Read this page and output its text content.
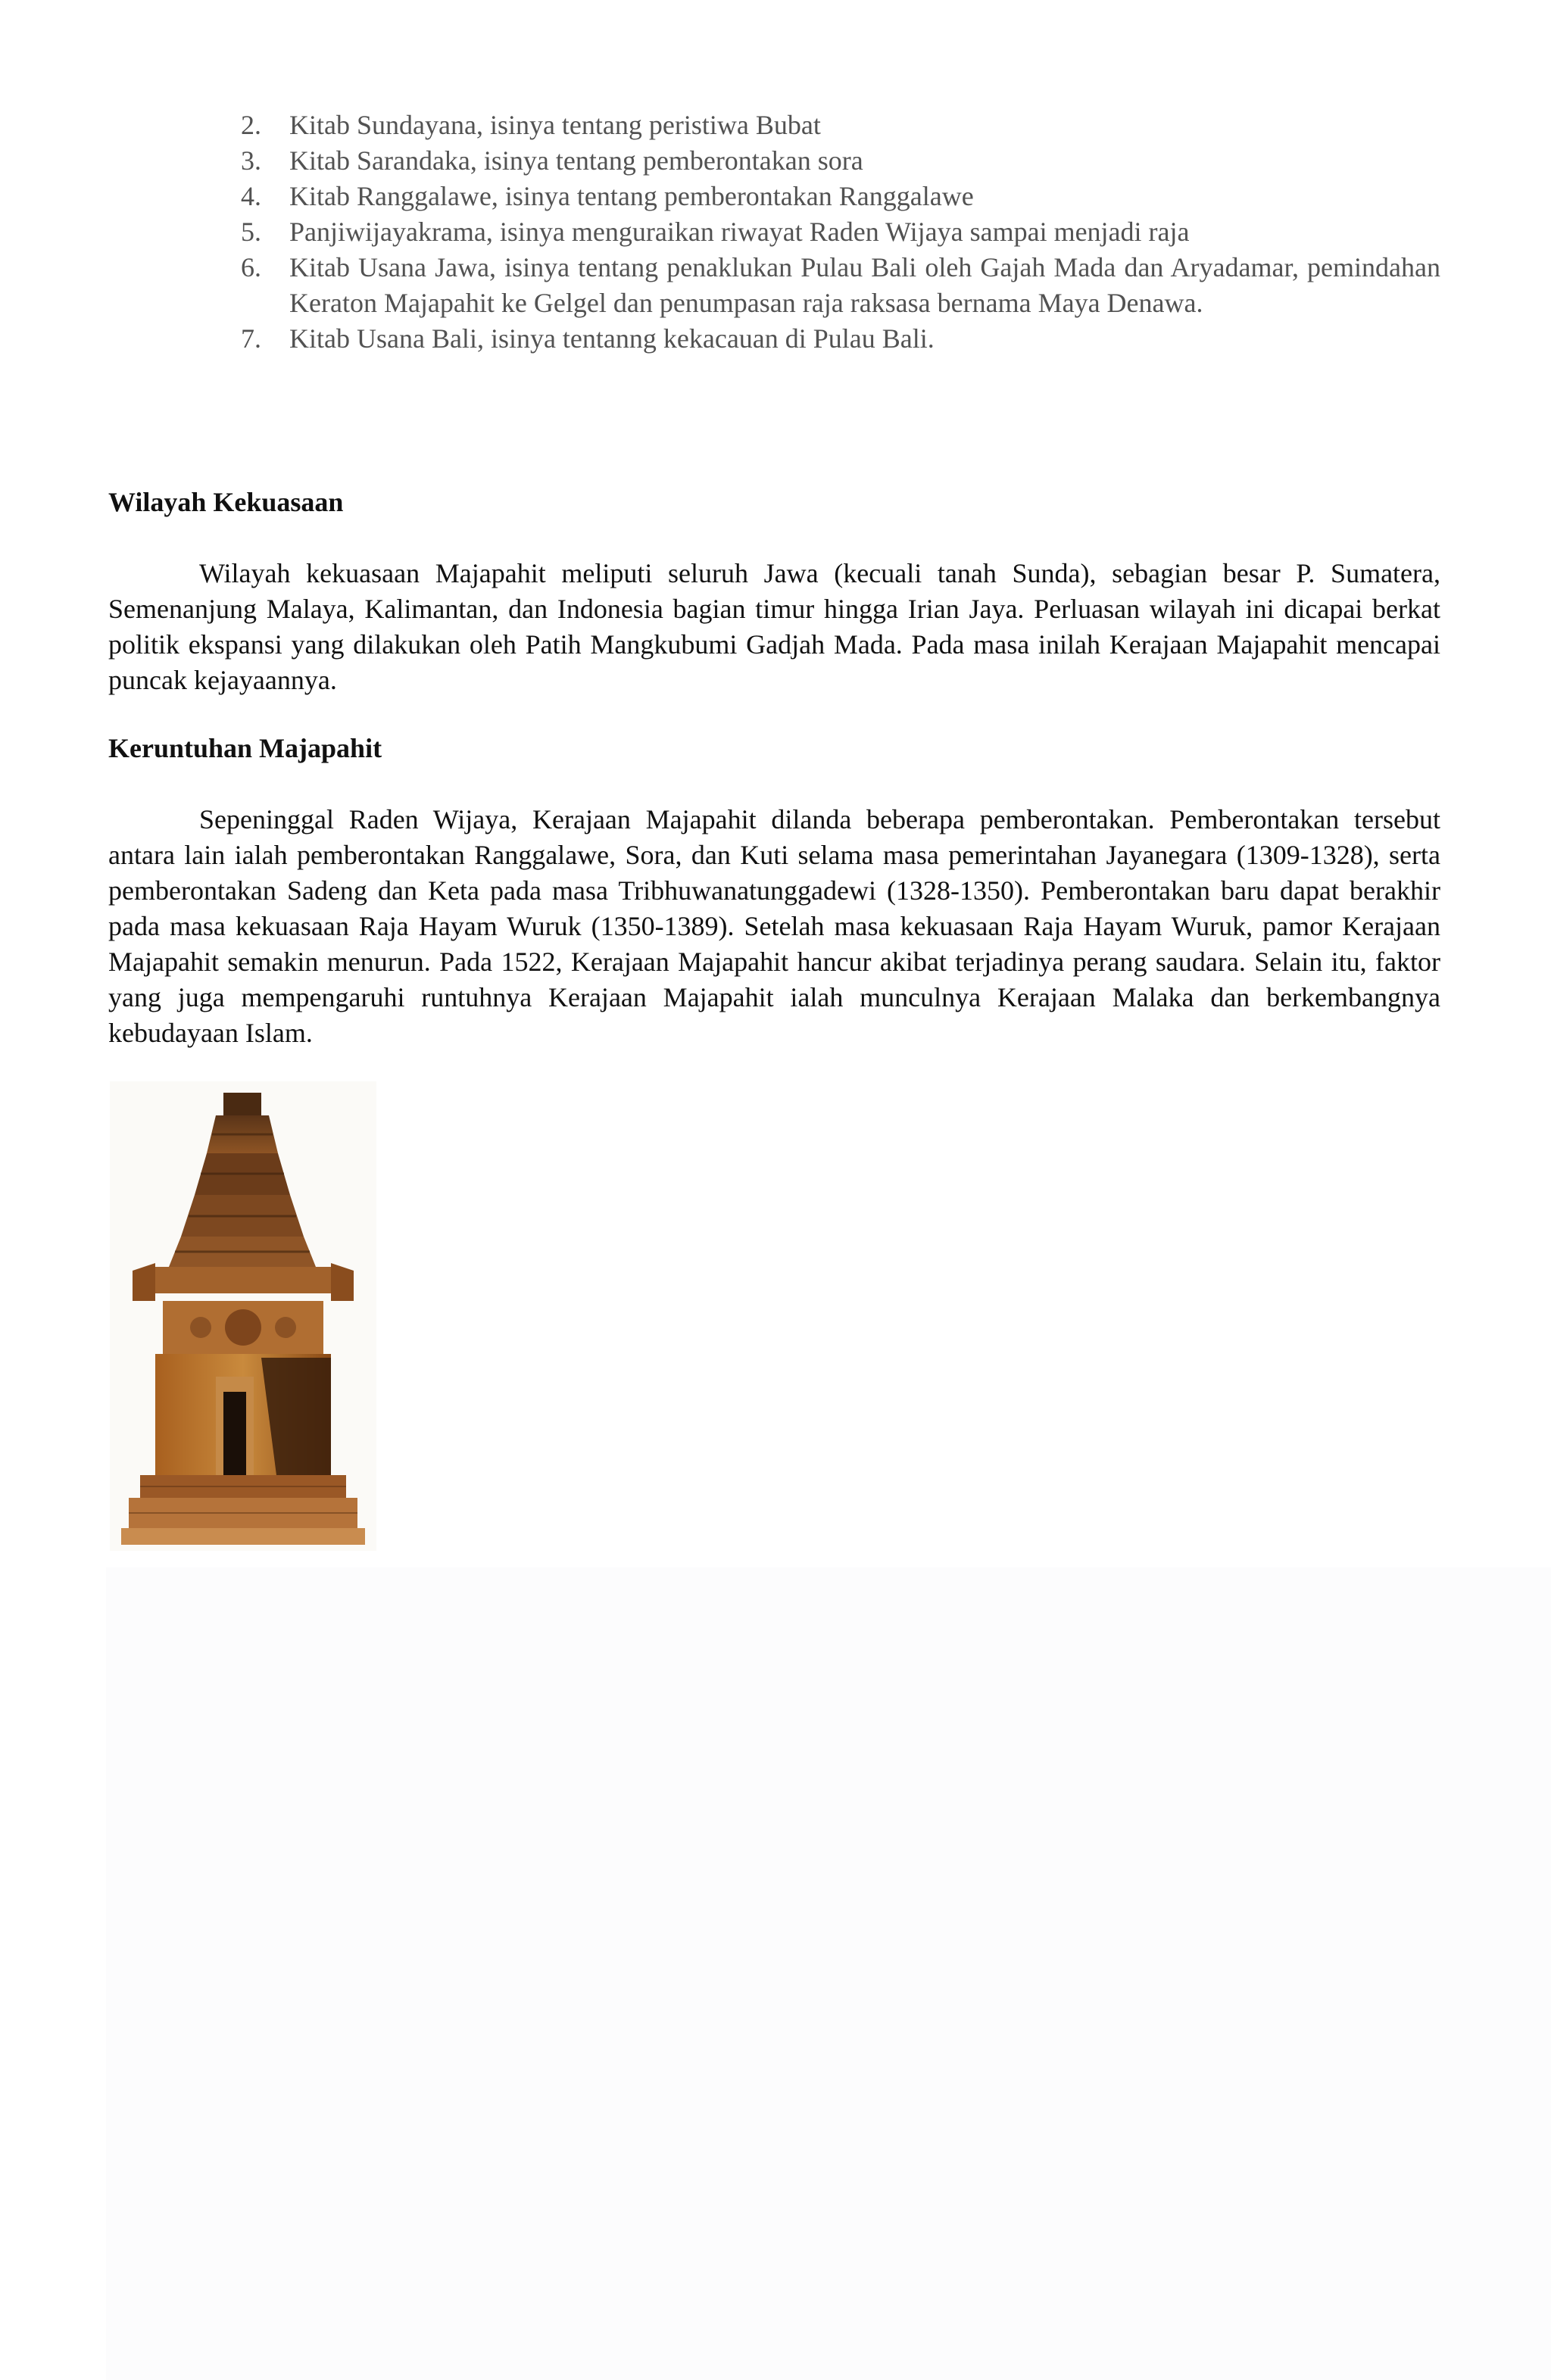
2. Kitab Sundayana, isinya tentang peristiwa Bubat
3. Kitab Sarandaka, isinya tentang pemberontakan sora
4. Kitab Ranggalawe, isinya tentang pemberontakan Ranggalawe
5. Panjiwijayakrama, isinya menguraikan riwayat Raden Wijaya sampai menjadi raja
6. Kitab Usana Jawa, isinya tentang penaklukan Pulau Bali oleh Gajah Mada dan Aryadamar, pemindahan Keraton Majapahit ke Gelgel dan penumpasan raja raksasa bernama Maya Denawa.
7. Kitab Usana Bali, isinya tentanng kekacauan di Pulau Bali.
Wilayah Kekuasaan

Wilayah kekuasaan Majapahit meliputi seluruh Jawa (kecuali tanah Sunda), sebagian besar P. Sumatera, Semenanjung Malaya, Kalimantan, dan Indonesia bagian timur hingga Irian Jaya. Perluasan wilayah ini dicapai berkat politik ekspansi yang dilakukan oleh Patih Mangkubumi Gadjah Mada. Pada masa inilah Kerajaan Majapahit mencapai puncak kejayaannya.

Keruntuhan Majapahit

Sepeninggal Raden Wijaya, Kerajaan Majapahit dilanda beberapa pemberontakan. Pemberontakan tersebut antara lain ialah pemberontakan Ranggalawe, Sora, dan Kuti selama masa pemerintahan Jayanegara (1309-1328), serta pemberontakan Sadeng dan Keta pada masa Tribhuwanatunggadewi (1328-1350). Pemberontakan baru dapat berakhir pada masa kekuasaan Raja Hayam Wuruk (1350-1389). Setelah masa kekuasaan Raja Hayam Wuruk, pamor Kerajaan Majapahit semakin menurun. Pada 1522, Kerajaan Majapahit hancur akibat terjadinya perang saudara. Selain itu, faktor yang juga mempengaruhi runtuhnya Kerajaan Majapahit ialah munculnya Kerajaan Malaka dan berkembangnya kebudayaan Islam.
